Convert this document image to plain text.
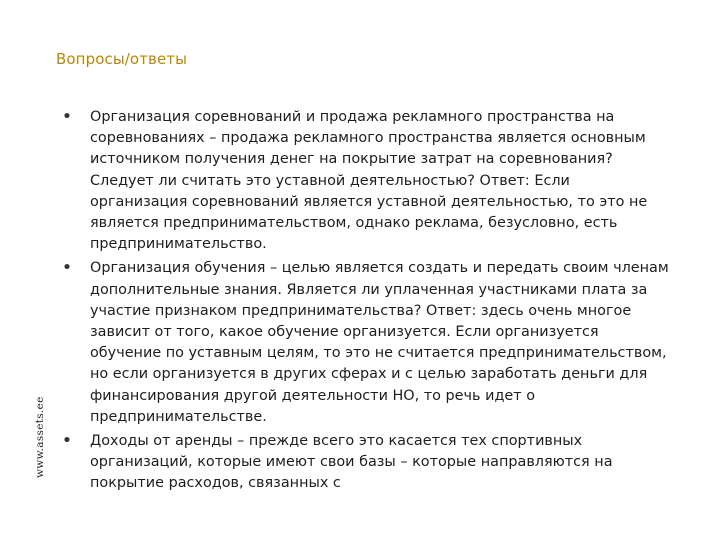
Вопросы/ответы
www.assets.ee
• Организация соревнований и продажа рекламного пространства на соревнованиях – продажа рекламного пространства является основным источником получения денег на покрытие затрат на соревнования? Следует ли считать это уставной деятельностью? Ответ: Если организация соревнований является уставной деятельностью, то это не является предпринимательством, однако реклама, безусловно, есть предпринимательство.
• Организация обучения – целью является создать и передать своим членам дополнительные знания. Является ли уплаченная участниками плата за участие признаком предпринимательства? Ответ: здесь очень многое зависит от того, какое обучение организуется. Если организуется обучение по уставным целям, то это не считается предпринимательством, но если организуется в других сферах и с целью заработать деньги для финансирования другой деятельности НО, то речь идет о предпринимательстве.
• Доходы от аренды – прежде всего это касается тех спортивных организаций, которые имеют свои базы – которые направляются на покрытие расходов, связанных с
